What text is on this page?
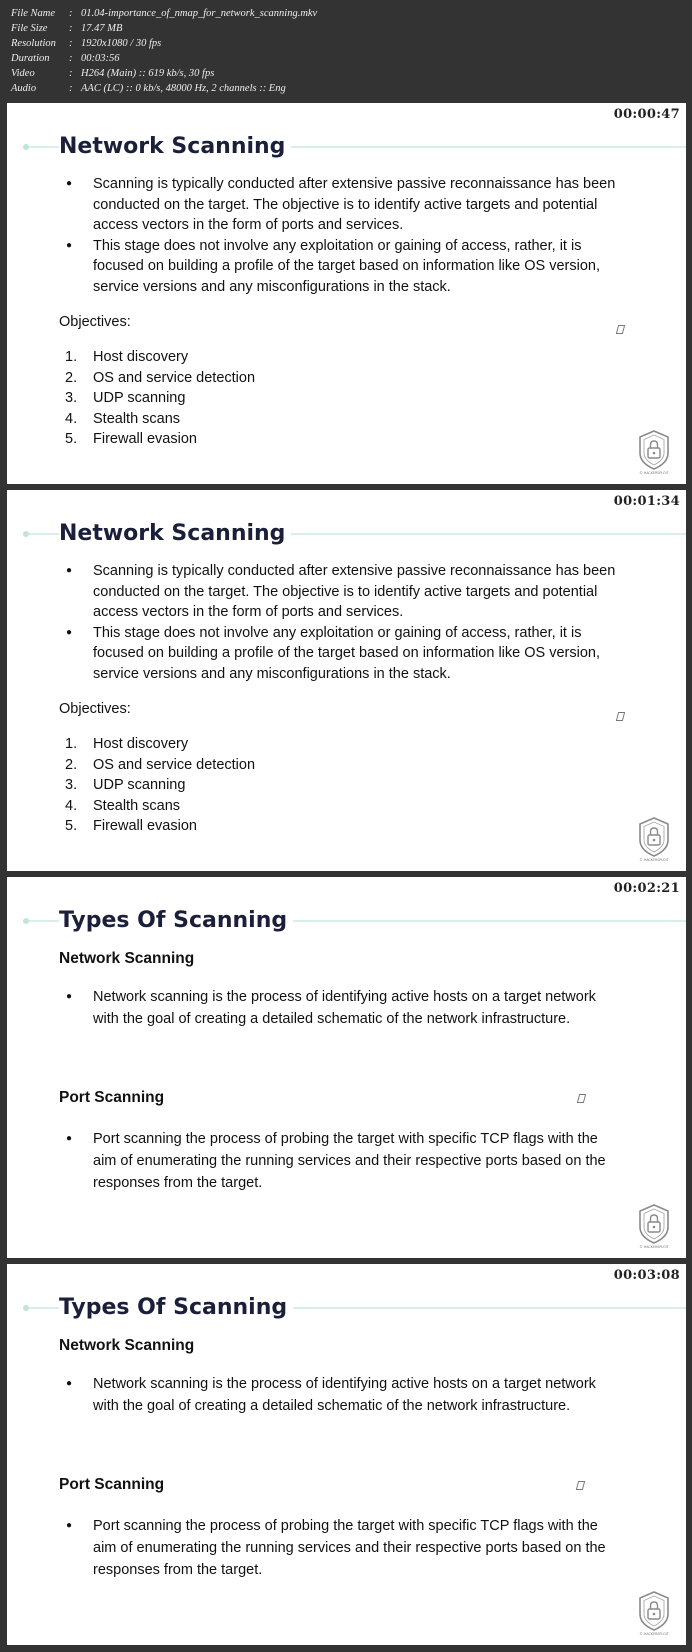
File Name	: 01.04-importance_of_nmap_for_network_scanning.mkv
File Size	: 17.47 MB
Resolution	: 1920x1080 / 30 fps
Duration	: 00:03:56
Video	: H264 (Main) :: 619 kb/s, 30 fps
Audio	: AAC (LC) :: 0 kb/s, 48000 Hz, 2 channels :: Eng
00:00:47
Network Scanning
● Scanning is typically conducted after extensive passive reconnaissance has been conducted on the target. The objective is to identify active targets and potential access vectors in the form of ports and services.
● This stage does not involve any exploitation or gaining of access, rather, it is focused on building a profile of the target based on information like OS version, service versions and any misconfigurations in the stack.
Objectives:
1. Host discovery
2. OS and service detection
3. UDP scanning
4. Stealth scans
5. Firewall evasion
© HACKERSPLOIT
00:01:34
Network Scanning
● Scanning is typically conducted after extensive passive reconnaissance has been conducted on the target. The objective is to identify active targets and potential access vectors in the form of ports and services.
● This stage does not involve any exploitation or gaining of access, rather, it is focused on building a profile of the target based on information like OS version, service versions and any misconfigurations in the stack.
Objectives:
1. Host discovery
2. OS and service detection
3. UDP scanning
4. Stealth scans
5. Firewall evasion
© HACKERSPLOIT
00:02:21
Types Of Scanning
Network Scanning
● Network scanning is the process of identifying active hosts on a target network with the goal of creating a detailed schematic of the network infrastructure.
Port Scanning
● Port scanning the process of probing the target with specific TCP flags with the aim of enumerating the running services and their respective ports based on the responses from the target.
© HACKERSPLOIT
00:03:08
Types Of Scanning
Network Scanning
● Network scanning is the process of identifying active hosts on a target network with the goal of creating a detailed schematic of the network infrastructure.
Port Scanning
● Port scanning the process of probing the target with specific TCP flags with the aim of enumerating the running services and their respective ports based on the responses from the target.
© HACKERSPLOIT
